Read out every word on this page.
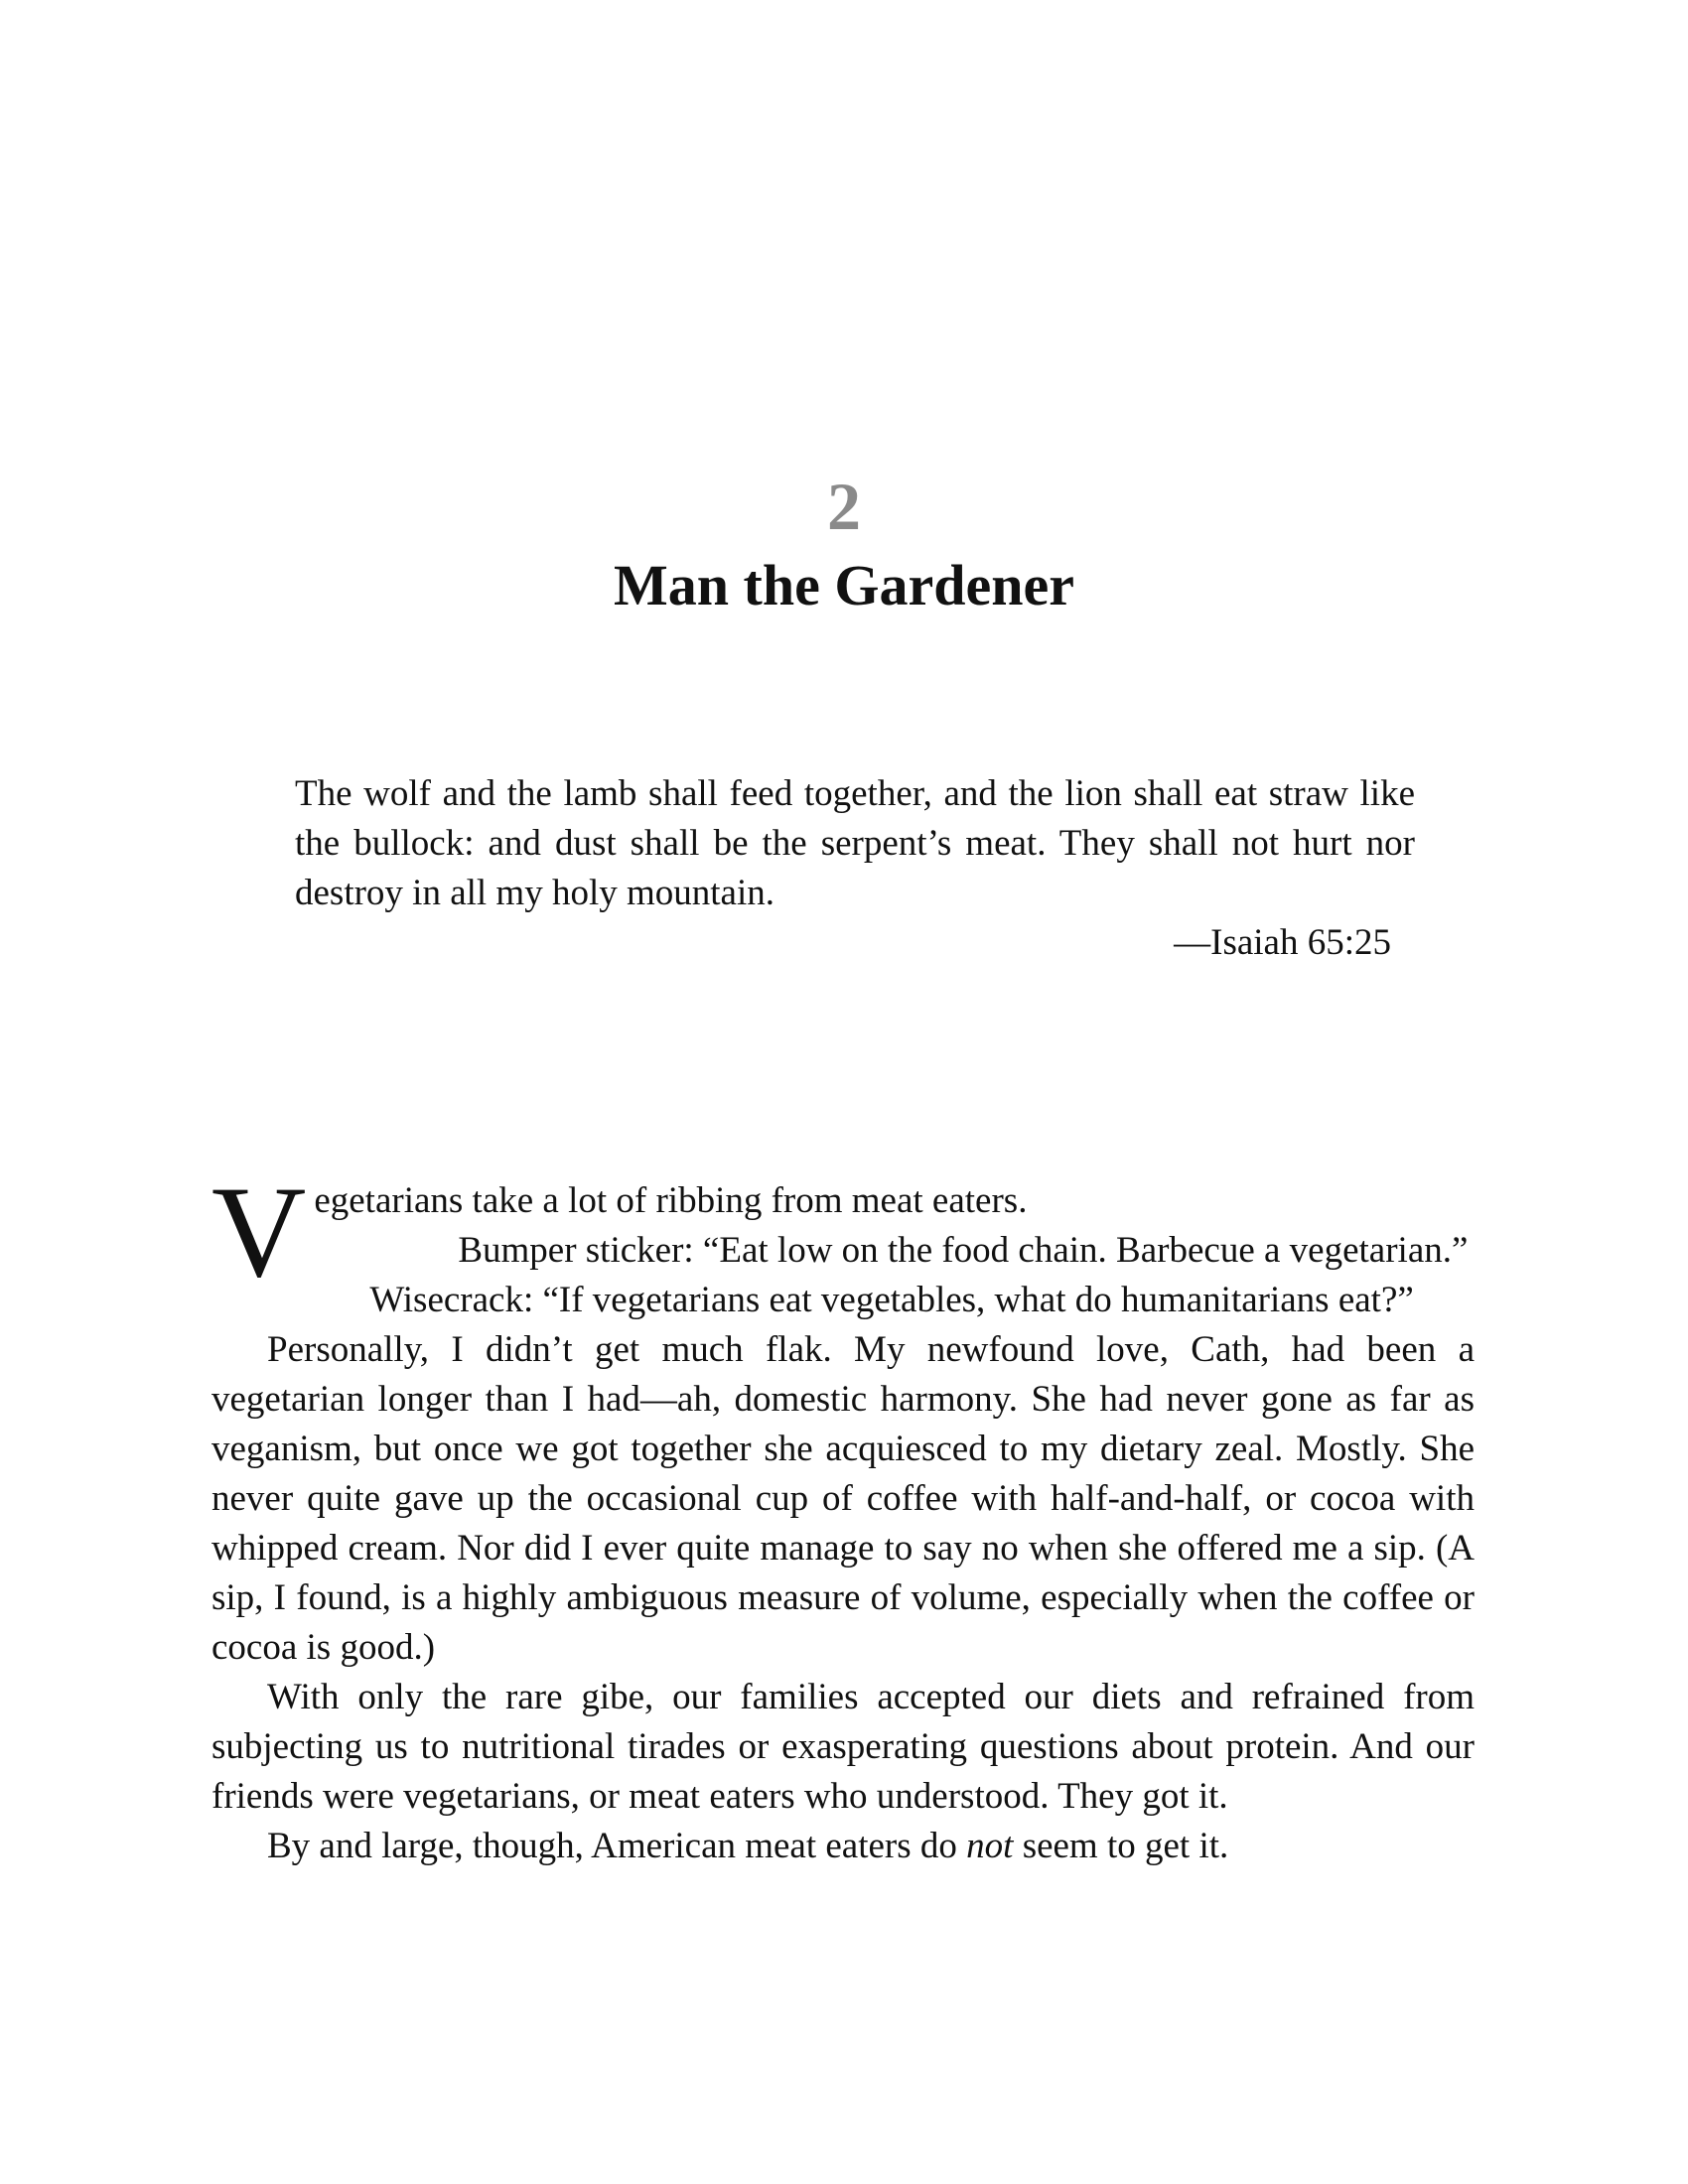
2
Man the Gardener
The wolf and the lamb shall feed together, and the lion shall eat straw like the bullock: and dust shall be the serpent’s meat. They shall not hurt nor destroy in all my holy mountain.
—Isaiah 65:25

Vegetarians take a lot of ribbing from meat eaters.

Bumper sticker: “Eat low on the food chain. Barbecue a vegetarian.”

Wisecrack: “If vegetarians eat vegetables, what do humanitarians eat?”

Personally, I didn’t get much flak. My newfound love, Cath, had been a vegetarian longer than I had—ah, domestic harmony. She had never gone as far as veganism, but once we got together she acquiesced to my dietary zeal. Mostly. She never quite gave up the occasional cup of coffee with half-and-half, or cocoa with whipped cream. Nor did I ever quite manage to say no when she offered me a sip. (A sip, I found, is a highly ambiguous measure of volume, especially when the coffee or cocoa is good.)

With only the rare gibe, our families accepted our diets and refrained from subjecting us to nutritional tirades or exasperating questions about protein. And our friends were vegetarians, or meat eaters who understood. They got it.

By and large, though, American meat eaters do not seem to get it.
